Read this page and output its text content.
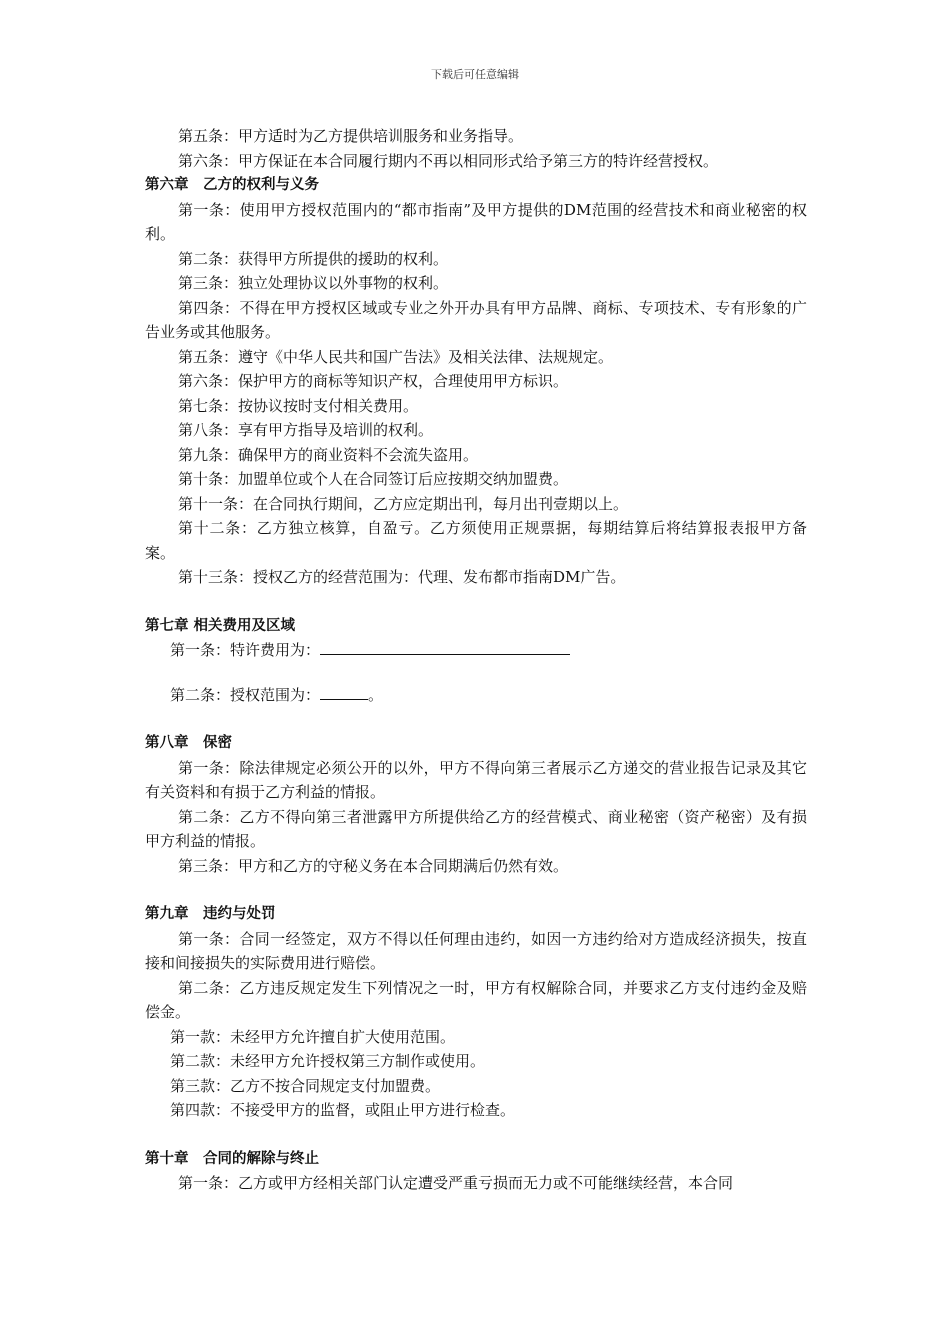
下载后可任意编辑
第五条：甲方适时为乙方提供培训服务和业务指导。
第六条：甲方保证在本合同履行期内不再以相同形式给予第三方的特许经营授权。
第六章　乙方的权利与义务
第一条：使用甲方授权范围内的“都市指南”及甲方提供的DM范围的经营技术和商业秘密的权利。
第二条：获得甲方所提供的援助的权利。
第三条：独立处理协议以外事物的权利。
第四条：不得在甲方授权区域或专业之外开办具有甲方品牌、商标、专项技术、专有形象的广告业务或其他服务。
第五条：遵守《中华人民共和国广告法》及相关法律、法规规定。
第六条：保护甲方的商标等知识产权，合理使用甲方标识。
第七条：按协议按时支付相关费用。
第八条：享有甲方指导及培训的权利。
第九条：确保甲方的商业资料不会流失盗用。
第十条：加盟单位或个人在合同签订后应按期交纳加盟费。
第十一条：在合同执行期间，乙方应定期出刊，每月出刊壹期以上。
第十二条：乙方独立核算，自盈亏。乙方须使用正规票据，每期结算后将结算报表报甲方备案。
第十三条：授权乙方的经营范围为：代理、发布都市指南DM广告。
第七章 相关费用及区域
第一条：特许费用为：
第二条：授权范围为：	。
第八章　保密
第一条：除法律规定必须公开的以外，甲方不得向第三者展示乙方递交的营业报告记录及其它有关资料和有损于乙方利益的情报。
第二条：乙方不得向第三者泄露甲方所提供给乙方的经营模式、商业秘密（资产秘密）及有损甲方利益的情报。
第三条：甲方和乙方的守秘义务在本合同期满后仍然有效。
第九章　违约与处罚
第一条：合同一经签定，双方不得以任何理由违约，如因一方违约给对方造成经济损失，按直接和间接损失的实际费用进行赔偿。
第二条：乙方违反规定发生下列情况之一时，甲方有权解除合同，并要求乙方支付违约金及赔偿金。
第一款：未经甲方允许擅自扩大使用范围。
第二款：未经甲方允许授权第三方制作或使用。
第三款：乙方不按合同规定支付加盟费。
第四款：不接受甲方的监督，或阻止甲方进行检查。
第十章　合同的解除与终止
第一条：乙方或甲方经相关部门认定遭受严重亏损而无力或不可能继续经营，本合同
